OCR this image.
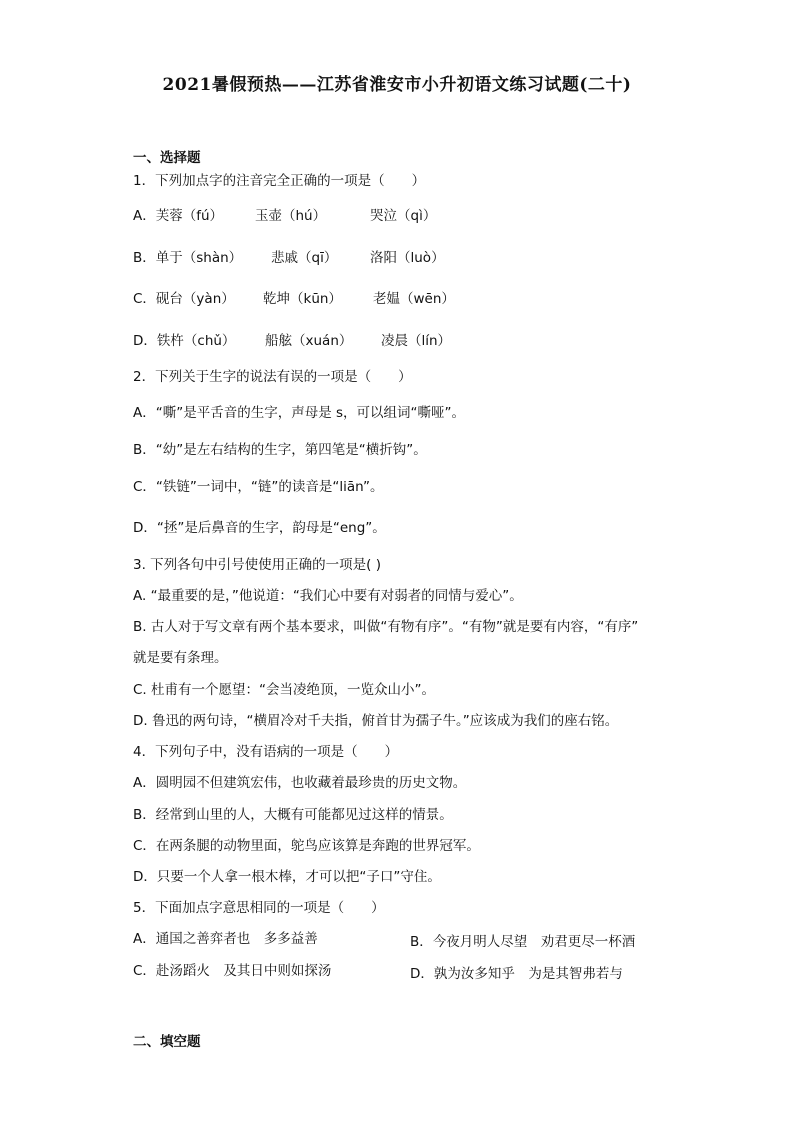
2021暑假预热——江苏省淮安市小升初语文练习试题(二十)
一、选择题
1．下列加点字的注音完全正确的一项是（　　）
A．芙蓉（fú） 玉壶（hú）	哭泣（qì）
B．单于（shàn） 悲戚（qī） 洛阳（luò）
C．砚台（yàn） 乾坤（kūn） 老媪（wēn）
D．铁杵（chǔ） 船舷（xuán） 凌晨（lín）
2．下列关于生字的说法有误的一项是（　　）
A．“嘶”是平舌音的生字，声母是 s，可以组词“嘶哑”。
B．“幼”是左右结构的生字，第四笔是“横折钩”。
C．“铁链”一词中，“链”的读音是“liān”。
D．“拯”是后鼻音的生字，韵母是“eng”。
3. 下列各句中引号使使用正确的一项是( )
A. “最重要的是，”他说道：“我们心中要有对弱者的同情与爱心”。
B. 古人对于写文章有两个基本要求，叫做“有物有序”。“有物”就是要有内容，“有序”
就是要有条理。
C. 杜甫有一个愿望：“会当凌绝顶，一览众山小”。
D. 鲁迅的两句诗，“横眉冷对千夫指，俯首甘为孺子牛。”应该成为我们的座右铭。
4．下列句子中，没有语病的一项是（　　）
A．圆明园不但建筑宏伟，也收藏着最珍贵的历史文物。
B．经常到山里的人，大概有可能都见过这样的情景。
C．在两条腿的动物里面，鸵鸟应该算是奔跑的世界冠军。
D．只要一个人拿一根木棒，才可以把“子口”守住。
5．下面加点字意思相同的一项是（　　）
A．通国之善弈者也　多多益善	B．今夜月明人尽望　劝君更尽一杯酒
C．赴汤蹈火　及其日中则如探汤	D．孰为汝多知乎　为是其智弗若与
二、填空题
